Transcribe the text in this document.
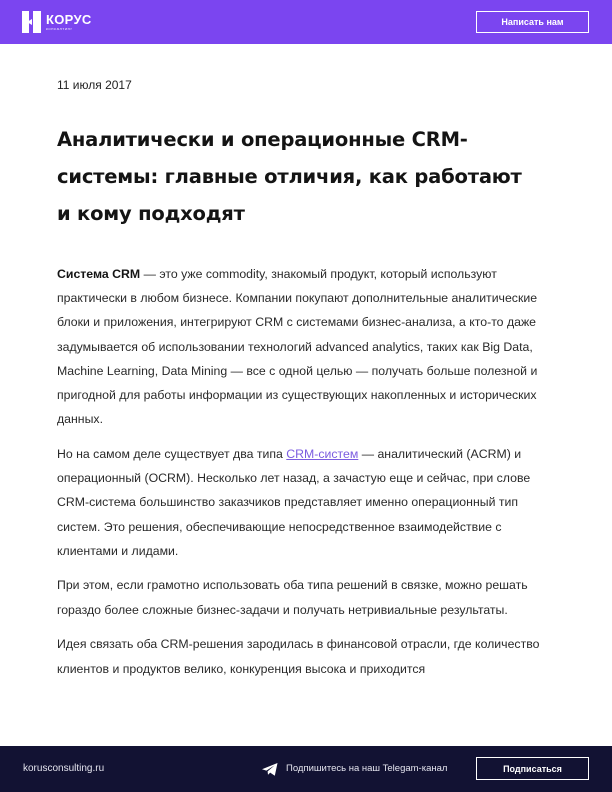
КОРУС
консалтинг
Написать нам
11 июля 2017
Аналитически и операционные CRM-системы: главные отличия, как работают и кому подходят

Система CRM — это уже commodity, знакомый продукт, который используют практически в любом бизнесе. Компании покупают дополнительные аналитические блоки и приложения, интегрируют CRM с системами бизнес-анализа, а кто-то даже задумывается об использовании технологий advanced analytics, таких как Big Data, Machine Learning, Data Mining — все с одной целью — получать больше полезной и пригодной для работы информации из существующих накопленных и исторических данных.

Но на самом деле существует два типа CRM-систем — аналитический (ACRM) и операционный (OCRM). Несколько лет назад, а зачастую еще и сейчас, при слове CRM-система большинство заказчиков представляет именно операционный тип систем. Это решения, обеспечивающие непосредственное взаимодействие с клиентами и лидами.

При этом, если грамотно использовать оба типа решений в связке, можно решать гораздо более сложные бизнес-задачи и получать нетривиальные результаты.

Идея связать оба CRM-решения зародилась в финансовой отрасли, где количество клиентов и продуктов велико, конкуренция высока и приходится

korusconsulting.ru	Подпишитесь на наш Telegam-канал	Подписаться
